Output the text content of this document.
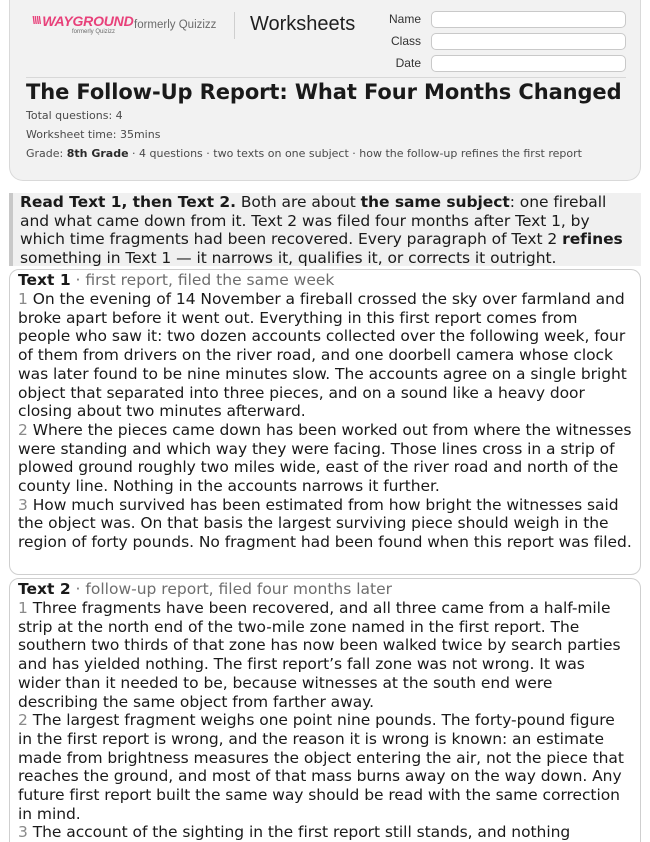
\\\\ WAYGROUND
formerly Quizizz
formerly Quizizz Worksheets	Name
Class
Date
The Follow-Up Report: What Four Months Changed
Total questions: 4
Worksheet time: 35mins
Grade: 8th Grade · 4 questions · two texts on one subject · how the follow-up refines the first report
Read Text 1, then Text 2. Both are about the same subject: one fireball and what came down from it. Text 2 was filed four months after Text 1, by which time fragments had been recovered. Every paragraph of Text 2 refines something in Text 1 — it narrows it, qualifies it, or corrects it outright.
Text 1 · first report, filed the same week

1 On the evening of 14 November a fireball crossed the sky over farmland and broke apart before it went out. Everything in this first report comes from people who saw it: two dozen accounts collected over the following week, four of them from drivers on the river road, and one doorbell camera whose clock was later found to be nine minutes slow. The accounts agree on a single bright object that separated into three pieces, and on a sound like a heavy door closing about two minutes afterward.

2 Where the pieces came down has been worked out from where the witnesses were standing and which way they were facing. Those lines cross in a strip of plowed ground roughly two miles wide, east of the river road and north of the county line. Nothing in the accounts narrows it further.

3 How much survived has been estimated from how bright the witnesses said the object was. On that basis the largest surviving piece should weigh in the region of forty pounds. No fragment had been found when this report was filed.

Text 2 · follow-up report, filed four months later

1 Three fragments have been recovered, and all three came from a half-mile strip at the north end of the two-mile zone named in the first report. The southern two thirds of that zone has now been walked twice by search parties and has yielded nothing. The first report’s fall zone was not wrong. It was wider than it needed to be, because witnesses at the south end were describing the same object from farther away.

2 The largest fragment weighs one point nine pounds. The forty-pound figure in the first report is wrong, and the reason it is wrong is known: an estimate made from brightness measures the object entering the air, not the piece that reaches the ground, and most of that mass burns away on the way down. Any future first report built the same way should be read with the same correction in mind.

3 The account of the sighting in the first report still stands, and nothing
